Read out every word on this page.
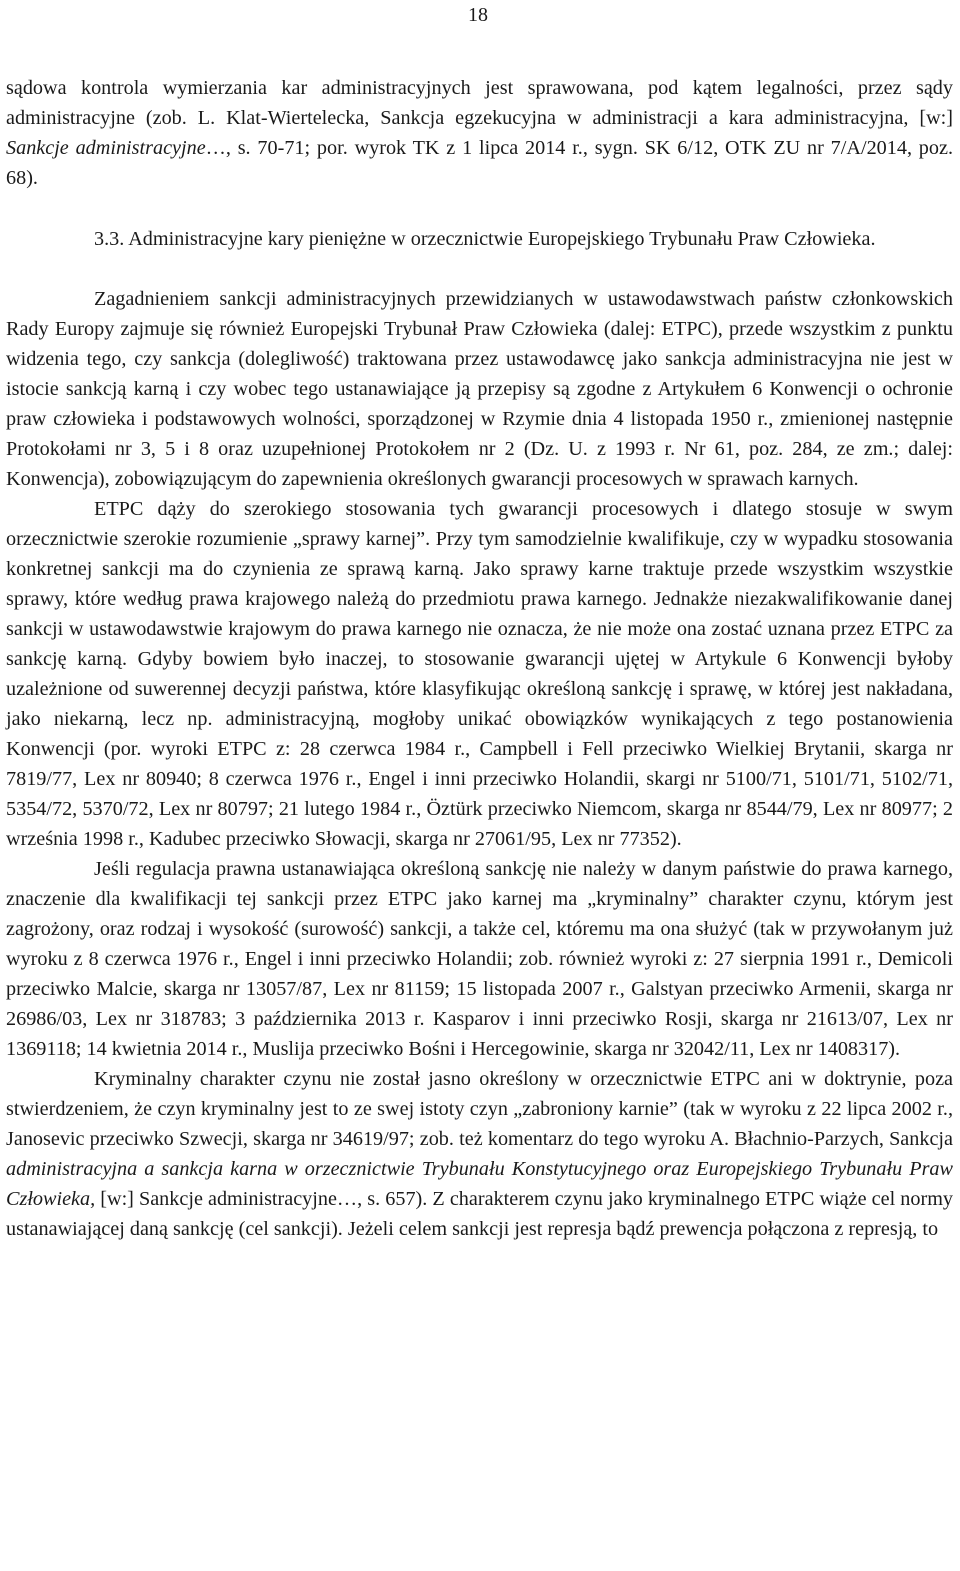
18

sądowa kontrola wymierzania kar administracyjnych jest sprawowana, pod kątem legalności, przez sądy administracyjne (zob. L. Klat-Wiertelecka, Sankcja egzekucyjna w administracji a kara administracyjna, [w:] Sankcje administracyjne…, s. 70-71; por. wyrok TK z 1 lipca 2014 r., sygn. SK 6/12, OTK ZU nr 7/A/2014, poz. 68).

3.3. Administracyjne kary pieniężne w orzecznictwie Europejskiego Trybunału Praw Człowieka.

Zagadnieniem sankcji administracyjnych przewidzianych w ustawodawstwach państw członkowskich Rady Europy zajmuje się również Europejski Trybunał Praw Człowieka (dalej: ETPC), przede wszystkim z punktu widzenia tego, czy sankcja (dolegliwość) traktowana przez ustawodawcę jako sankcja administracyjna nie jest w istocie sankcją karną i czy wobec tego ustanawiające ją przepisy są zgodne z Artykułem 6 Konwencji o ochronie praw człowieka i podstawowych wolności, sporządzonej w Rzymie dnia 4 listopada 1950 r., zmienionej następnie Protokołami nr 3, 5 i 8 oraz uzupełnionej Protokołem nr 2 (Dz. U. z 1993 r. Nr 61, poz. 284, ze zm.; dalej: Konwencja), zobowiązującym do zapewnienia określonych gwarancji procesowych w sprawach karnych.

ETPC dąży do szerokiego stosowania tych gwarancji procesowych i dlatego stosuje w swym orzecznictwie szerokie rozumienie „sprawy karnej”. Przy tym samodzielnie kwalifikuje, czy w wypadku stosowania konkretnej sankcji ma do czynienia ze sprawą karną. Jako sprawy karne traktuje przede wszystkim wszystkie sprawy, które według prawa krajowego należą do przedmiotu prawa karnego. Jednakże niezakwalifikowanie danej sankcji w ustawodawstwie krajowym do prawa karnego nie oznacza, że nie może ona zostać uznana przez ETPC za sankcję karną. Gdyby bowiem było inaczej, to stosowanie gwarancji ujętej w Artykule 6 Konwencji byłoby uzależnione od suwerennej decyzji państwa, które klasyfikując określoną sankcję i sprawę, w której jest nakładana, jako niekarną, lecz np. administracyjną, mogłoby unikać obowiązków wynikających z tego postanowienia Konwencji (por. wyroki ETPC z: 28 czerwca 1984 r., Campbell i Fell przeciwko Wielkiej Brytanii, skarga nr 7819/77, Lex nr 80940; 8 czerwca 1976 r., Engel i inni przeciwko Holandii, skargi nr 5100/71, 5101/71, 5102/71, 5354/72, 5370/72, Lex nr 80797; 21 lutego 1984 r., Öztürk przeciwko Niemcom, skarga nr 8544/79, Lex nr 80977; 2 września 1998 r., Kadubec przeciwko Słowacji, skarga nr 27061/95, Lex nr 77352).

Jeśli regulacja prawna ustanawiająca określoną sankcję nie należy w danym państwie do prawa karnego, znaczenie dla kwalifikacji tej sankcji przez ETPC jako karnej ma „kryminalny” charakter czynu, którym jest zagrożony, oraz rodzaj i wysokość (surowość) sankcji, a także cel, któremu ma ona służyć (tak w przywołanym już wyroku z 8 czerwca 1976 r., Engel i inni przeciwko Holandii; zob. również wyroki z: 27 sierpnia 1991 r., Demicoli przeciwko Malcie, skarga nr 13057/87, Lex nr 81159; 15 listopada 2007 r., Galstyan przeciwko Armenii, skarga nr 26986/03, Lex nr 318783; 3 października 2013 r. Kasparov i inni przeciwko Rosji, skarga nr 21613/07, Lex nr 1369118; 14 kwietnia 2014 r., Muslija przeciwko Bośni i Hercegowinie, skarga nr 32042/11, Lex nr 1408317).

Kryminalny charakter czynu nie został jasno określony w orzecznictwie ETPC ani w doktrynie, poza stwierdzeniem, że czyn kryminalny jest to ze swej istoty czyn „zabroniony karnie” (tak w wyroku z 22 lipca 2002 r., Janosevic przeciwko Szwecji, skarga nr 34619/97; zob. też komentarz do tego wyroku A. Błachnio-Parzych, Sankcja administracyjna a sankcja karna w orzecznictwie Trybunału Konstytucyjnego oraz Europejskiego Trybunału Praw Człowieka, [w:] Sankcje administracyjne…, s. 657). Z charakterem czynu jako kryminalnego ETPC wiąże cel normy ustanawiającej daną sankcję (cel sankcji). Jeżeli celem sankcji jest represja bądź prewencja połączona z represją, to
